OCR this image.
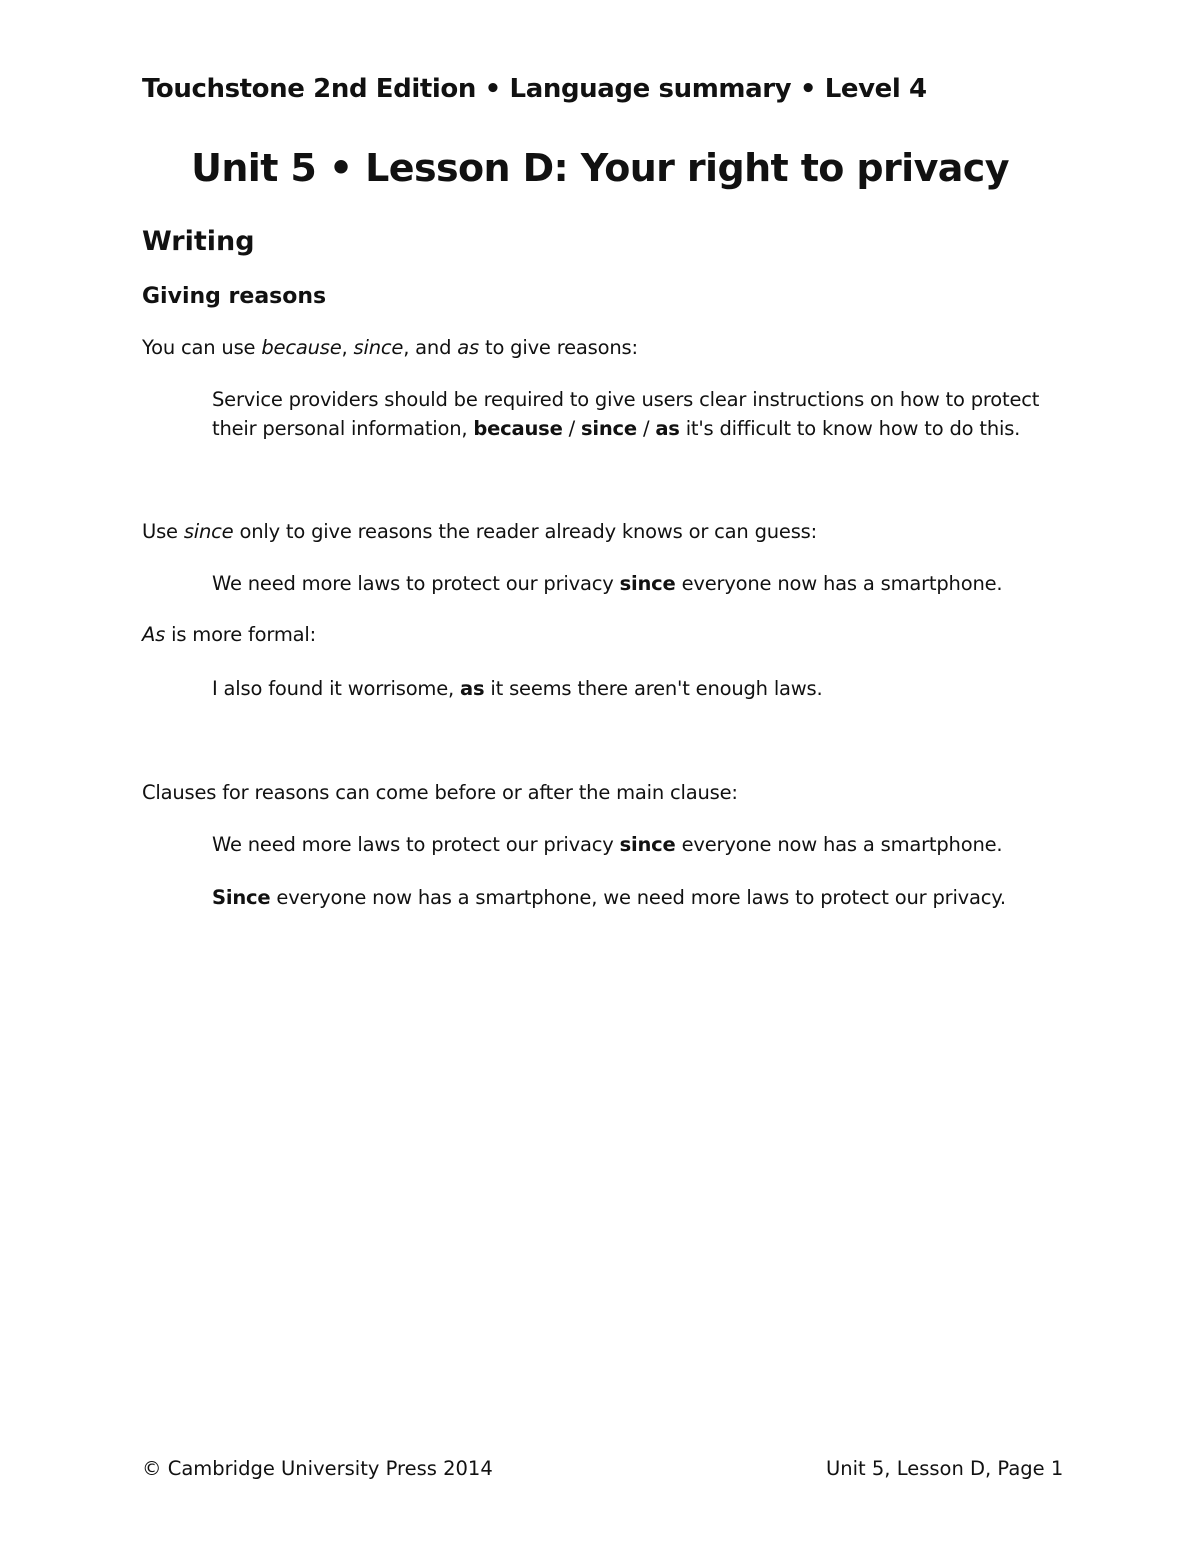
Touchstone 2nd Edition • Language summary • Level 4

Unit 5 • Lesson D: Your right to privacy
Writing
Giving reasons

You can use because, since, and as to give reasons:

Service providers should be required to give users clear instructions on how to protect their personal information, because / since / as it's difficult to know how to do this.

Use since only to give reasons the reader already knows or can guess:

We need more laws to protect our privacy since everyone now has a smartphone.

As is more formal:

I also found it worrisome, as it seems there aren't enough laws.

Clauses for reasons can come before or after the main clause:

We need more laws to protect our privacy since everyone now has a smartphone.

Since everyone now has a smartphone, we need more laws to protect our privacy.

© Cambridge University Press 2014	Unit 5, Lesson D, Page 1
